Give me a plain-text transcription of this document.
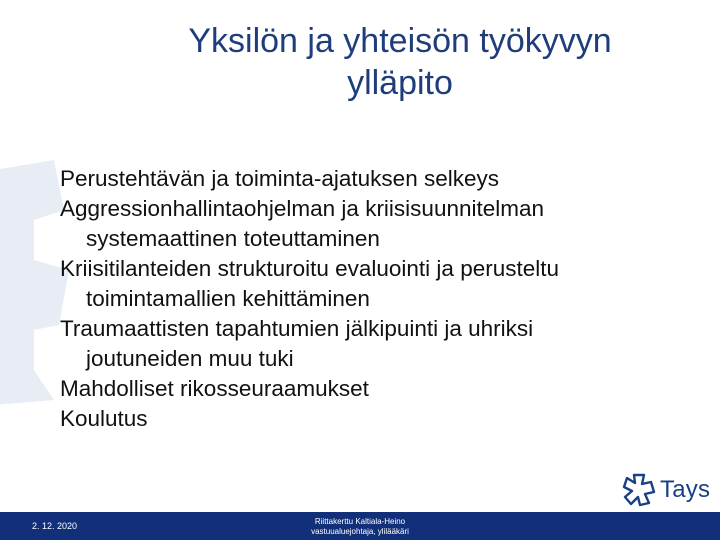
Yksilön ja yhteisön työkyvyn
ylläpito
Perustehtävän ja toiminta-ajatuksen selkeys
Aggressionhallintaohjelman ja kriisisuunnitelman
systemaattinen toteuttaminen
Kriisitilanteiden strukturoitu evaluointi ja perusteltu
toimintamallien kehittäminen
Traumaattisten tapahtumien jälkipuinti ja uhriksi
joutuneiden muu tuki
Mahdolliset rikosseuraamukset
Koulutus
Tays
2. 12. 2020	Riittakerttu Kaltiala-Heino
vastuualuejohtaja, ylilääkäri
